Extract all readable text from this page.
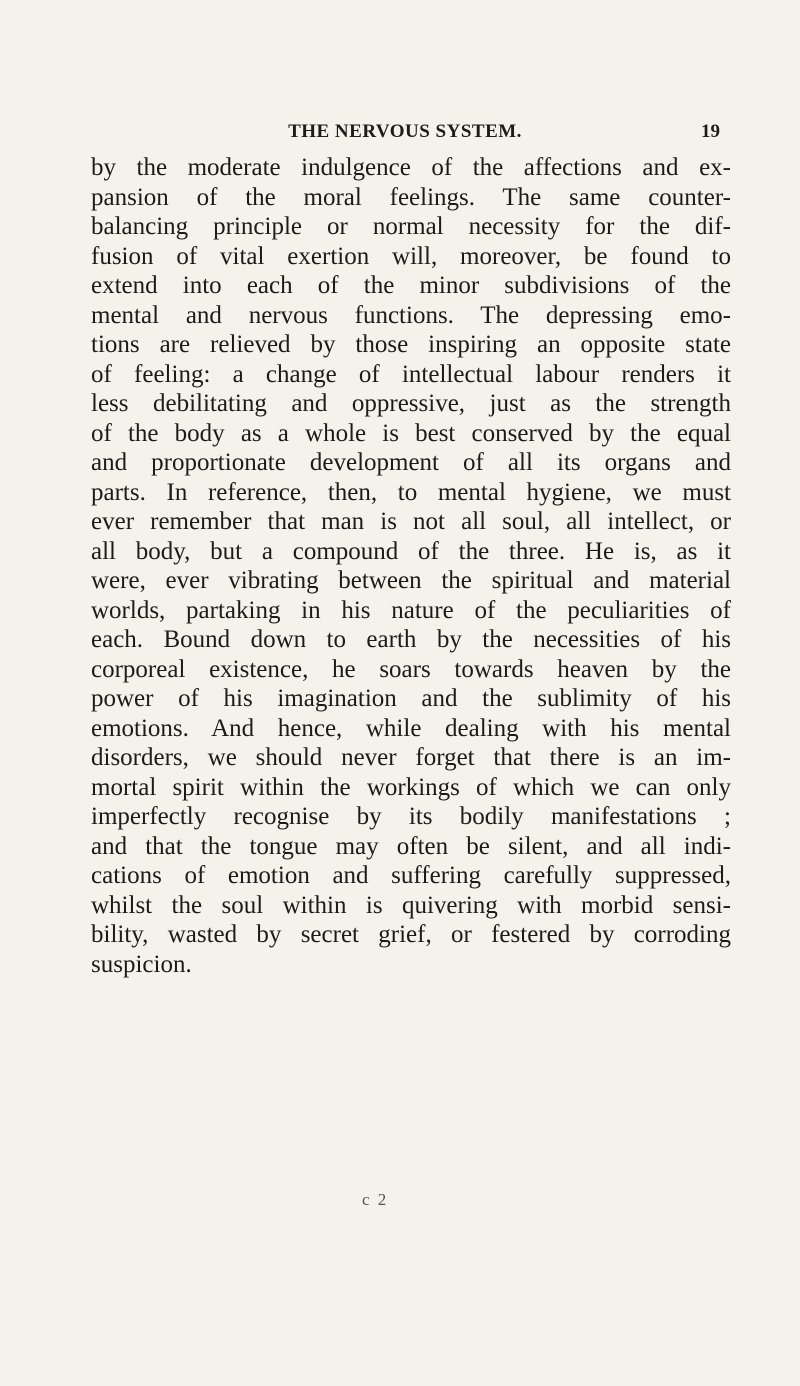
THE NERVOUS SYSTEM.	19
by the moderate indulgence of the affections and ex-
pansion of the moral feelings. The same counter-
balancing principle or normal necessity for the dif-
fusion of vital exertion will, moreover, be found to
extend into each of the minor subdivisions of the
mental and nervous functions. The depressing emo-
tions are relieved by those inspiring an opposite state
of feeling: a change of intellectual labour renders it
less debilitating and oppressive, just as the strength
of the body as a whole is best conserved by the equal
and proportionate development of all its organs and
parts. In reference, then, to mental hygiene, we must
ever remember that man is not all soul, all intellect, or
all body, but a compound of the three. He is, as it
were, ever vibrating between the spiritual and material
worlds, partaking in his nature of the peculiarities of
each. Bound down to earth by the necessities of his
corporeal existence, he soars towards heaven by the
power of his imagination and the sublimity of his
emotions. And hence, while dealing with his mental
disorders, we should never forget that there is an im-
mortal spirit within the workings of which we can only
imperfectly recognise by its bodily manifestations ;
and that the tongue may often be silent, and all indi-
cations of emotion and suffering carefully suppressed,
whilst the soul within is quivering with morbid sensi-
bility, wasted by secret grief, or festered by corroding
suspicion.
c 2
